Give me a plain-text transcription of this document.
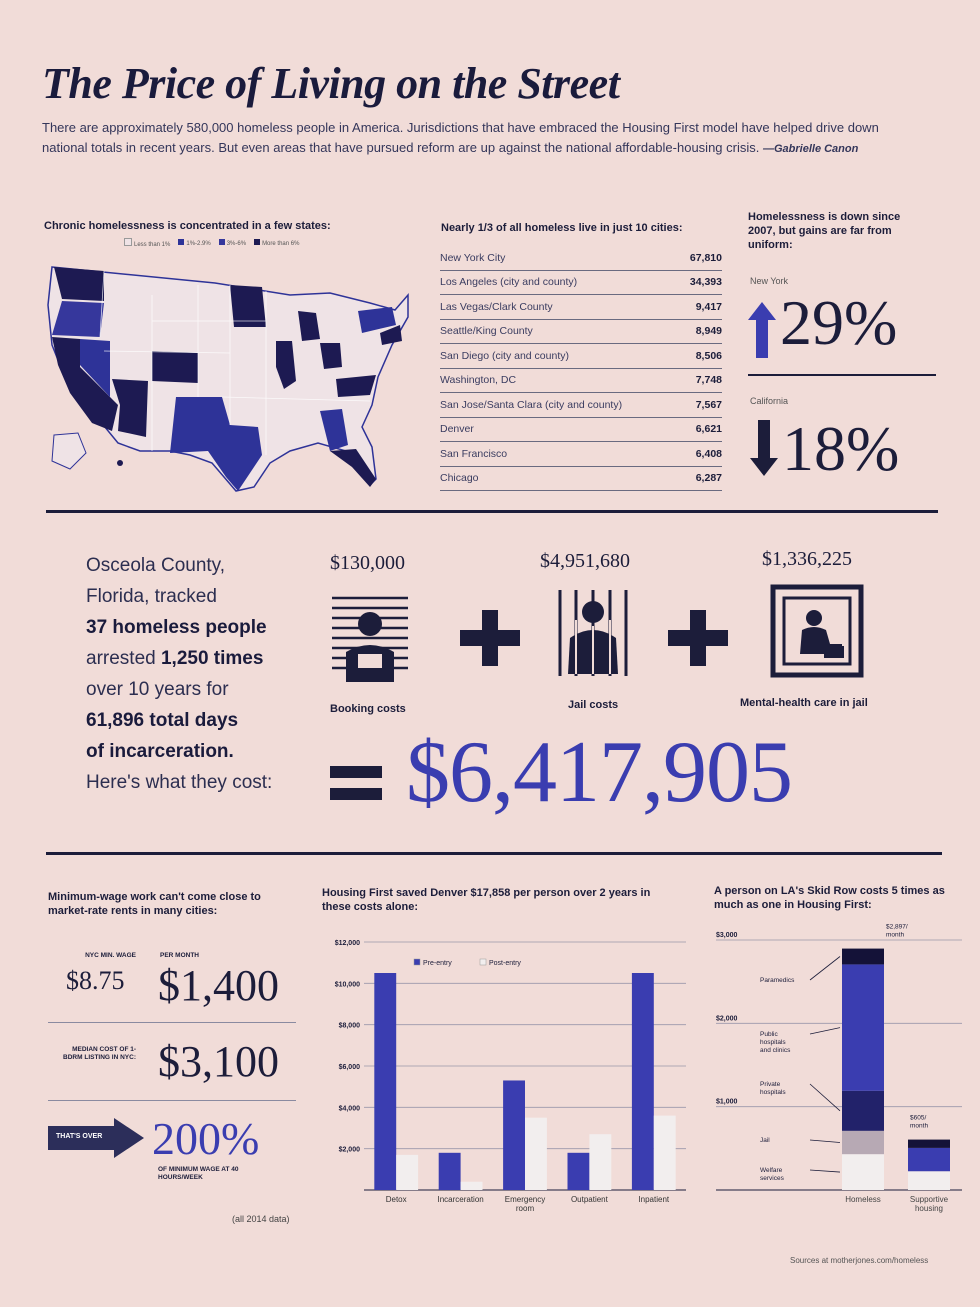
The Price of Living on the Street
There are approximately 580,000 homeless people in America. Jurisdictions that have embraced the Housing First model have helped drive down national totals in recent years. But even areas that have pursued reform are up against the national affordable-housing crisis. —Gabrielle Canon
Chronic homelessness is concentrated in a few states:
Less than 1%	1%-2.9%	3%-6%	More than 6%
Nearly 1/3 of all homeless live in just 10 cities:
New York City	67,810
Los Angeles (city and county)	34,393
Las Vegas/Clark County	9,417
Seattle/King County	8,949
San Diego (city and county)	8,506
Washington, DC	7,748
San Jose/Santa Clara (city and county)	7,567
Denver	6,621
San Francisco	6,408
Chicago	6,287
Homelessness is down since 2007, but gains are far from uniform:
New York
29%
California
18%
Osceola County,
Florida, tracked
37 homeless people
arrested 1,250 times
over 10 years for
61,896 total days
of incarceration.
Here's what they cost:
$130,000
Booking costs
$4,951,680
Jail costs
$1,336,225
Mental-health care in jail
$6,417,905
Minimum-wage work can't come close to market-rate rents in many cities:
NYC MIN. WAGE
$8.75
PER MONTH
$1,400
MEDIAN COST OF 1-BDRM LISTING IN NYC: $3,100
THAT'S OVER 200%
OF MINIMUM WAGE AT 40 HOURS/WEEK
(all 2014 data)
Housing First saved Denver $17,858 per person over 2 years in these costs alone:
$2,000
$4,000
$6,000
$8,000
$10,000
$12,000
Pre-entry	Post-entry
Detox	Incarceration	Emergency
room
Outpatient	Inpatient
A person on LA's Skid Row costs 5 times as much as one in Housing First:
$1,000
$2,000
$3,000
Homeless
$2,897/
month
Supportive
housing
$605/
month
Welfare
services
Jail
Private
hospitals
Public
hospitals
and clinics
Paramedics
Sources at motherjones.com/homeless
